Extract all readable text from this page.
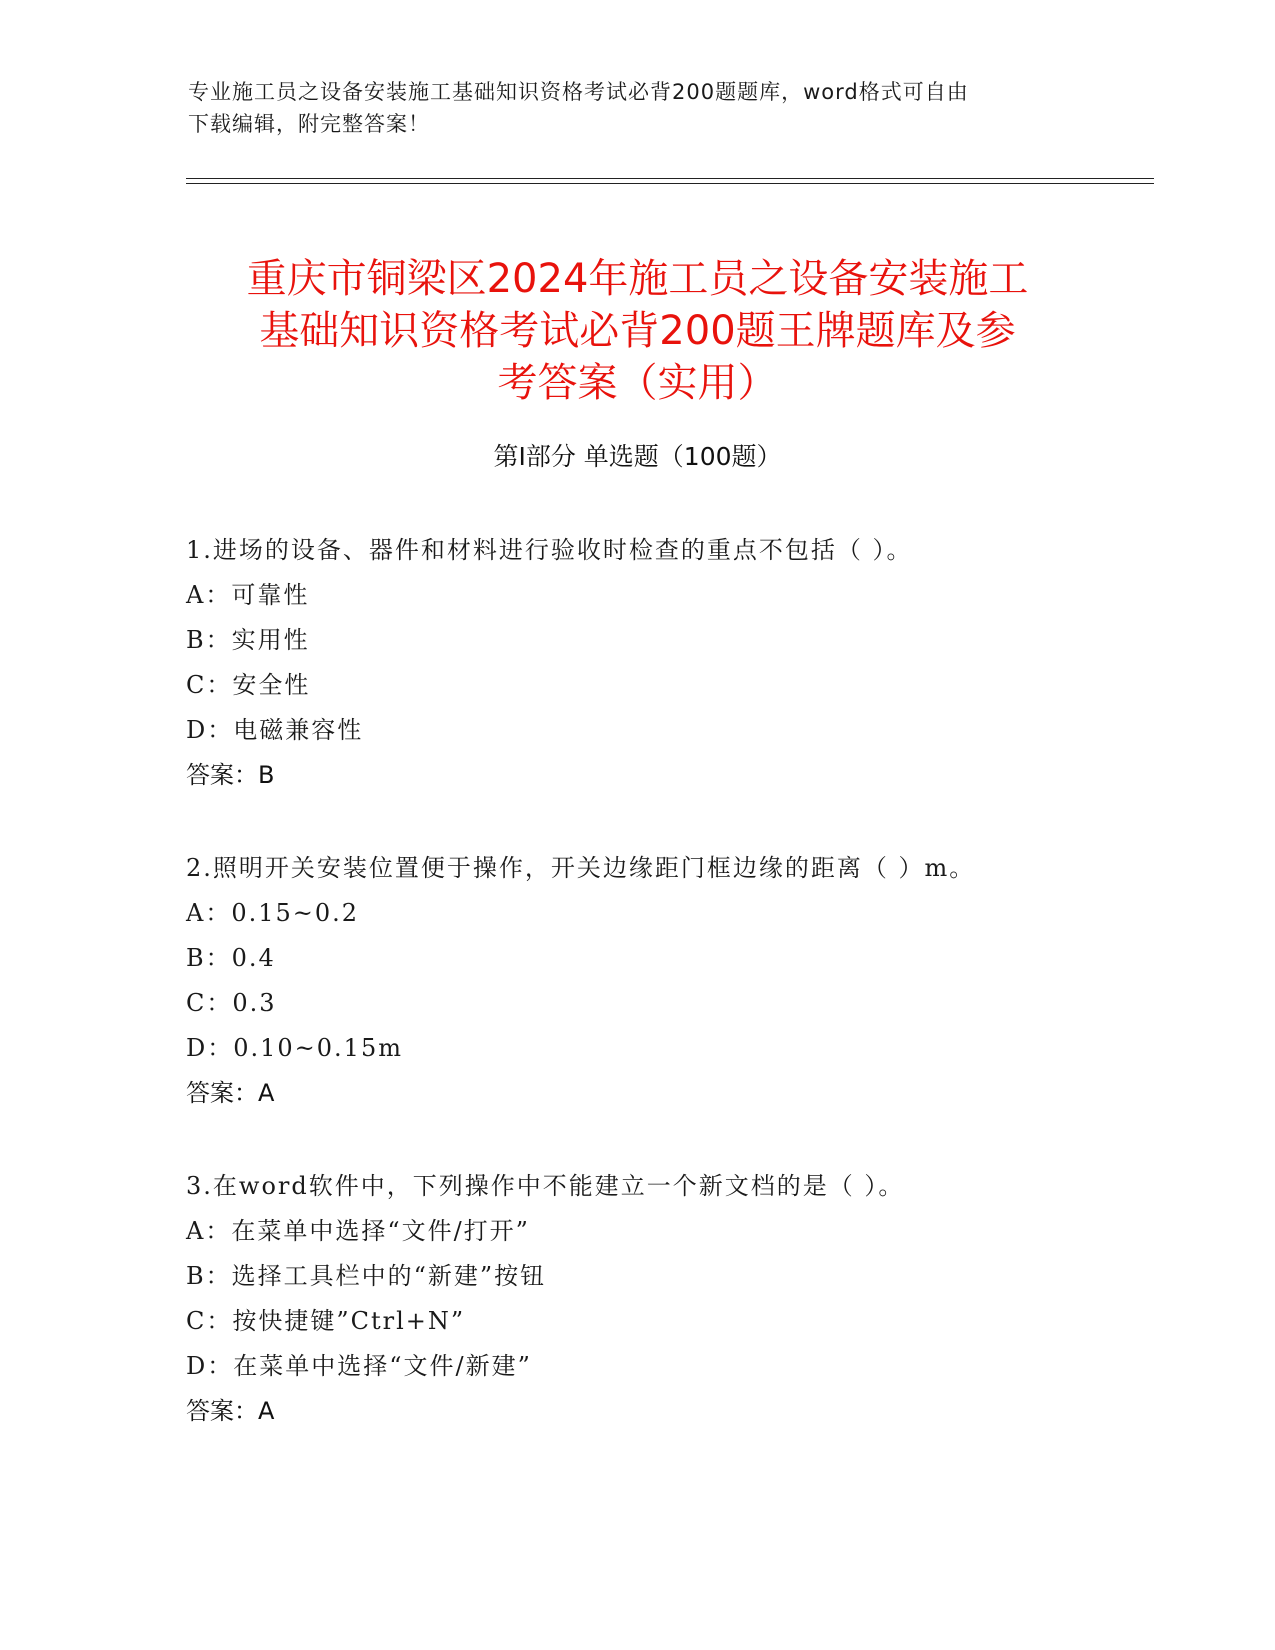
专业施工员之设备安装施工基础知识资格考试必背200题题库，word格式可自由
下载编辑，附完整答案！
重庆市铜梁区2024年施工员之设备安装施工
基础知识资格考试必背200题王牌题库及参
考答案（实用）
第Ⅰ部分 单选题（100题）
1.进场的设备、器件和材料进行验收时检查的重点不包括（ ）。
A：可靠性
B：实用性
C：安全性
D：电磁兼容性
答案：B
2.照明开关安装位置便于操作，开关边缘距门框边缘的距离（ ）m。
A：0.15~0.2
B：0.4
C：0.3
D：0.10~0.15m
答案：A
3.在word软件中，下列操作中不能建立一个新文档的是（ ）。
A：在菜单中选择“文件/打开”
B：选择工具栏中的“新建”按钮
C：按快捷键”Ctrl+N”
D：在菜单中选择“文件/新建”
答案：A
